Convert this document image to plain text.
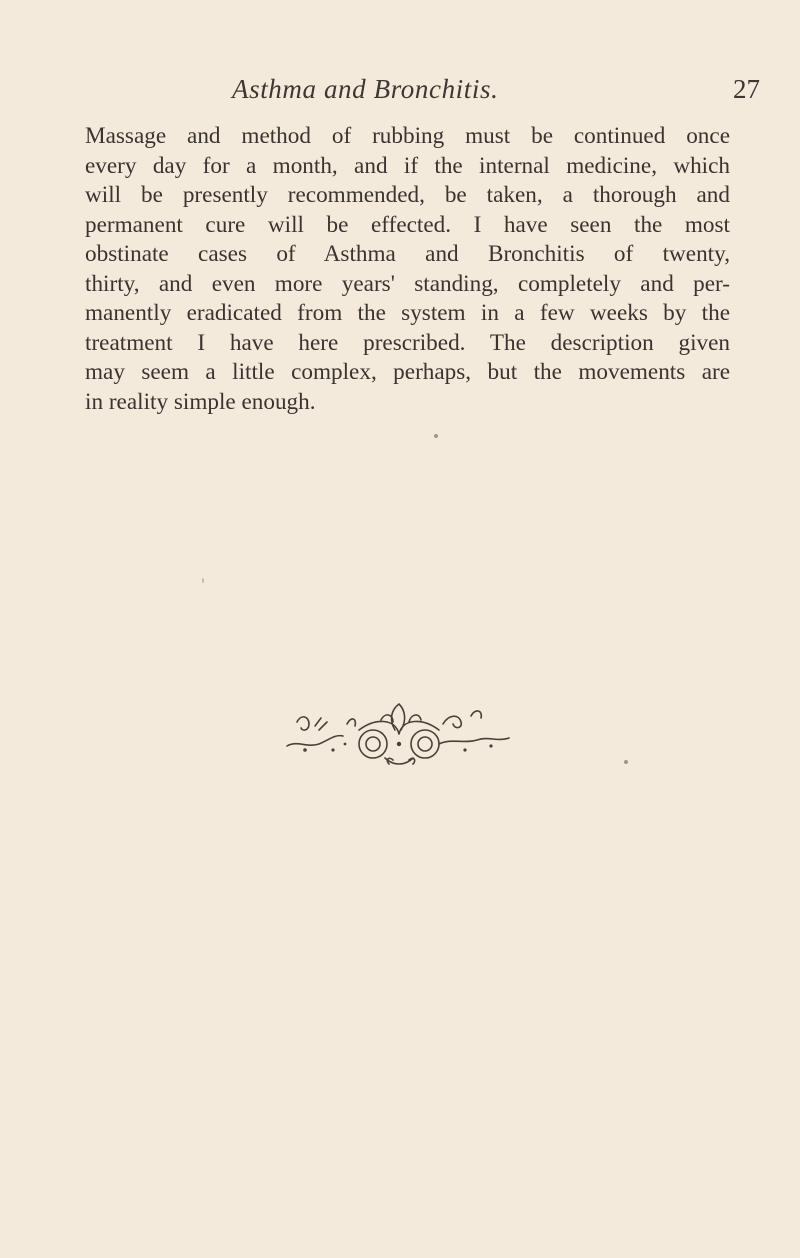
Asthma and Bronchitis.	27

Massage and method of rubbing must be continued once
every day for a month, and if the internal medicine, which
will be presently recommended, be taken, a thorough and
permanent cure will be effected. I have seen the most
obstinate cases of Asthma and Bronchitis of twenty,
thirty, and even more years' standing, completely and per-
manently eradicated from the system in a few weeks by the
treatment I have here prescribed. The description given
may seem a little complex, perhaps, but the movements are
in reality simple enough.
